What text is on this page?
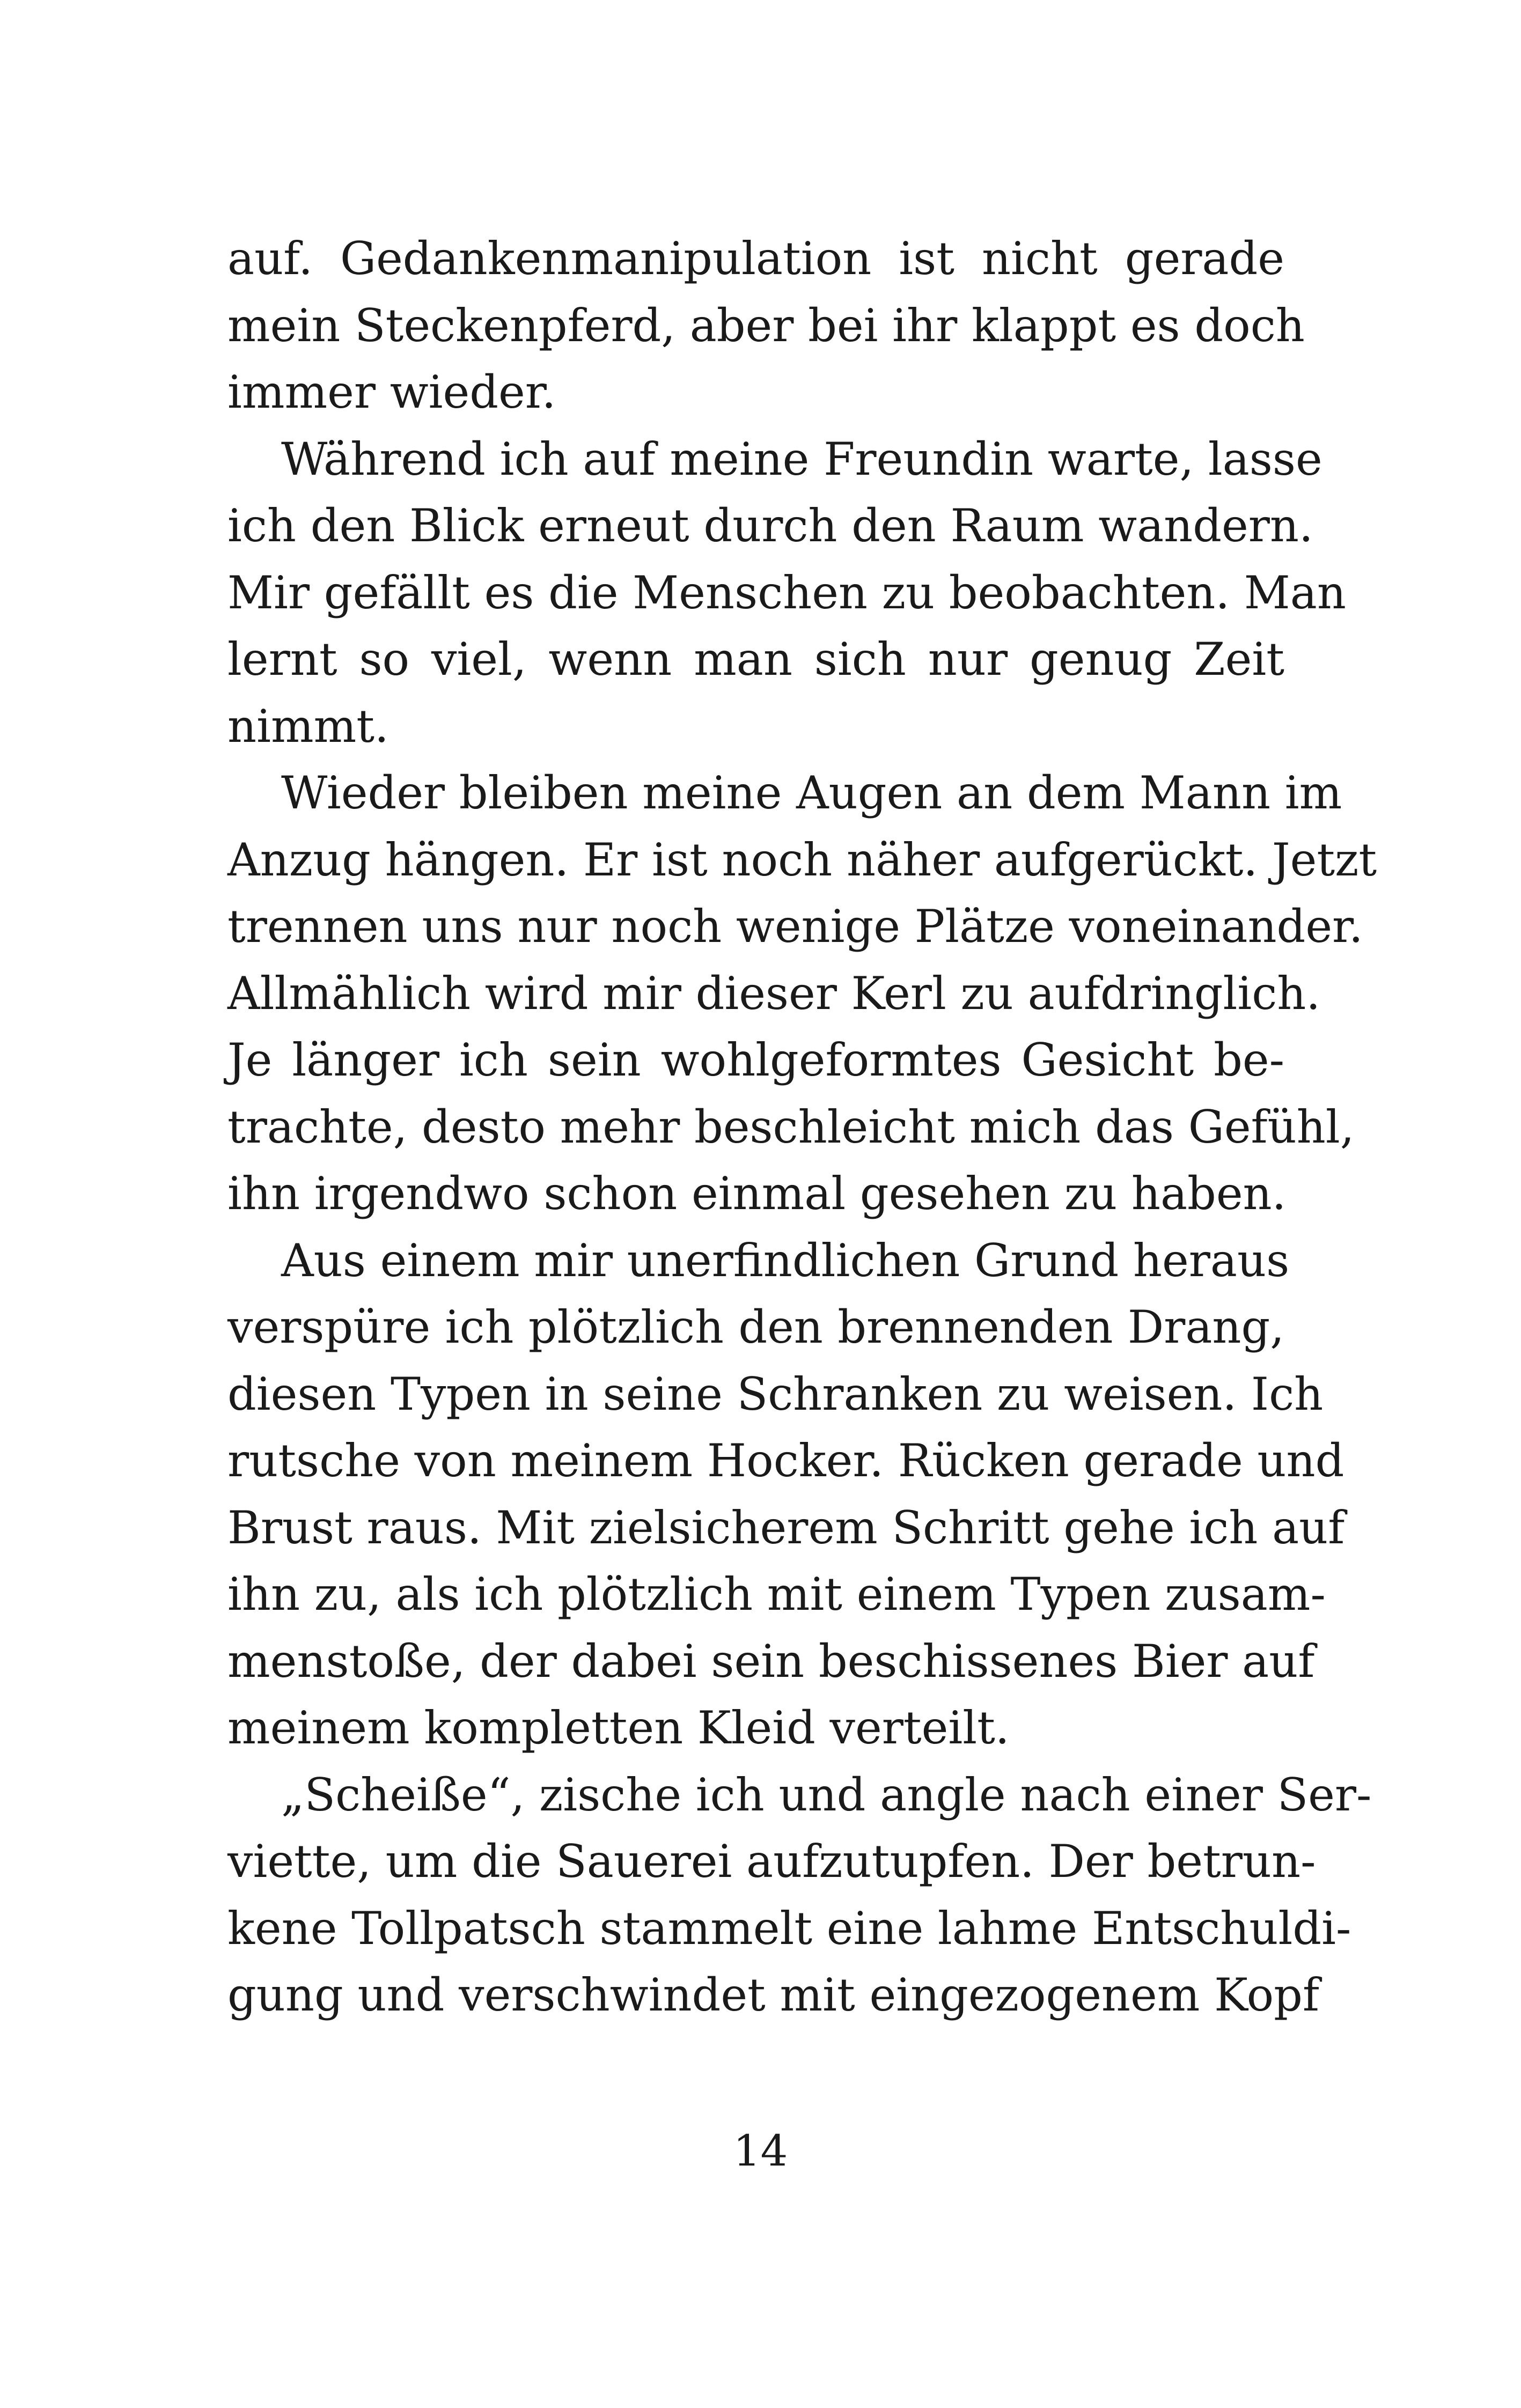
auf. Gedankenmanipulation ist nicht gerade
mein Steckenpferd, aber bei ihr klappt es doch
immer wieder.
Während ich auf meine Freundin warte, lasse
ich den Blick erneut durch den Raum wandern.
Mir gefällt es die Menschen zu beobachten. Man
lernt so viel, wenn man sich nur genug Zeit
nimmt.
Wieder bleiben meine Augen an dem Mann im
Anzug hängen. Er ist noch näher aufgerückt. Jetzt
trennen uns nur noch wenige Plätze voneinander.
Allmählich wird mir dieser Kerl zu aufdringlich.
Je länger ich sein wohlgeformtes Gesicht be-
trachte, desto mehr beschleicht mich das Gefühl,
ihn irgendwo schon einmal gesehen zu haben.
Aus einem mir unerfindlichen Grund heraus
verspüre ich plötzlich den brennenden Drang,
diesen Typen in seine Schranken zu weisen. Ich
rutsche von meinem Hocker. Rücken gerade und
Brust raus. Mit zielsicherem Schritt gehe ich auf
ihn zu, als ich plötzlich mit einem Typen zusam-
menstoße, der dabei sein beschissenes Bier auf
meinem kompletten Kleid verteilt.
„Scheiße“, zische ich und angle nach einer Ser-
viette, um die Sauerei aufzutupfen. Der betrun-
kene Tollpatsch stammelt eine lahme Entschuldi-
gung und verschwindet mit eingezogenem Kopf
14
